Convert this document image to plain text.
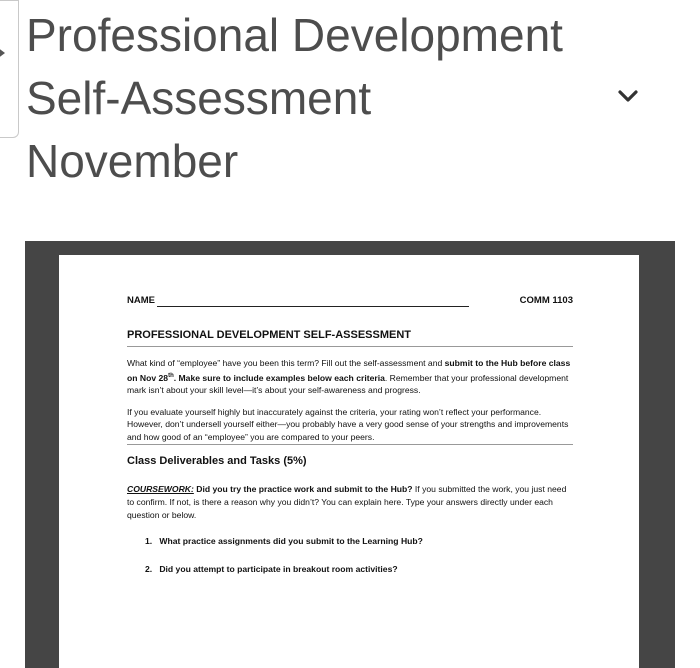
Professional Development Self-Assessment November
NAME	COMM 1103
PROFESSIONAL DEVELOPMENT SELF-ASSESSMENT

What kind of “employee” have you been this term? Fill out the self-assessment and submit to the Hub before class on Nov 28th. Make sure to include examples below each criteria. Remember that your professional development mark isn’t about your skill level—it’s about your self-awareness and progress.

If you evaluate yourself highly but inaccurately against the criteria, your rating won’t reflect your performance. However, don’t undersell yourself either—you probably have a very good sense of your strengths and improvements and how good of an “employee” you are compared to your peers.

Class Deliverables and Tasks (5%)

COURSEWORK: Did you try the practice work and submit to the Hub? If you submitted the work, you just need to confirm. If not, is there a reason why you didn’t? You can explain here. Type your answers directly under each question or below.

1.   What practice assignments did you submit to the Learning Hub?
2.   Did you attempt to participate in breakout room activities?
